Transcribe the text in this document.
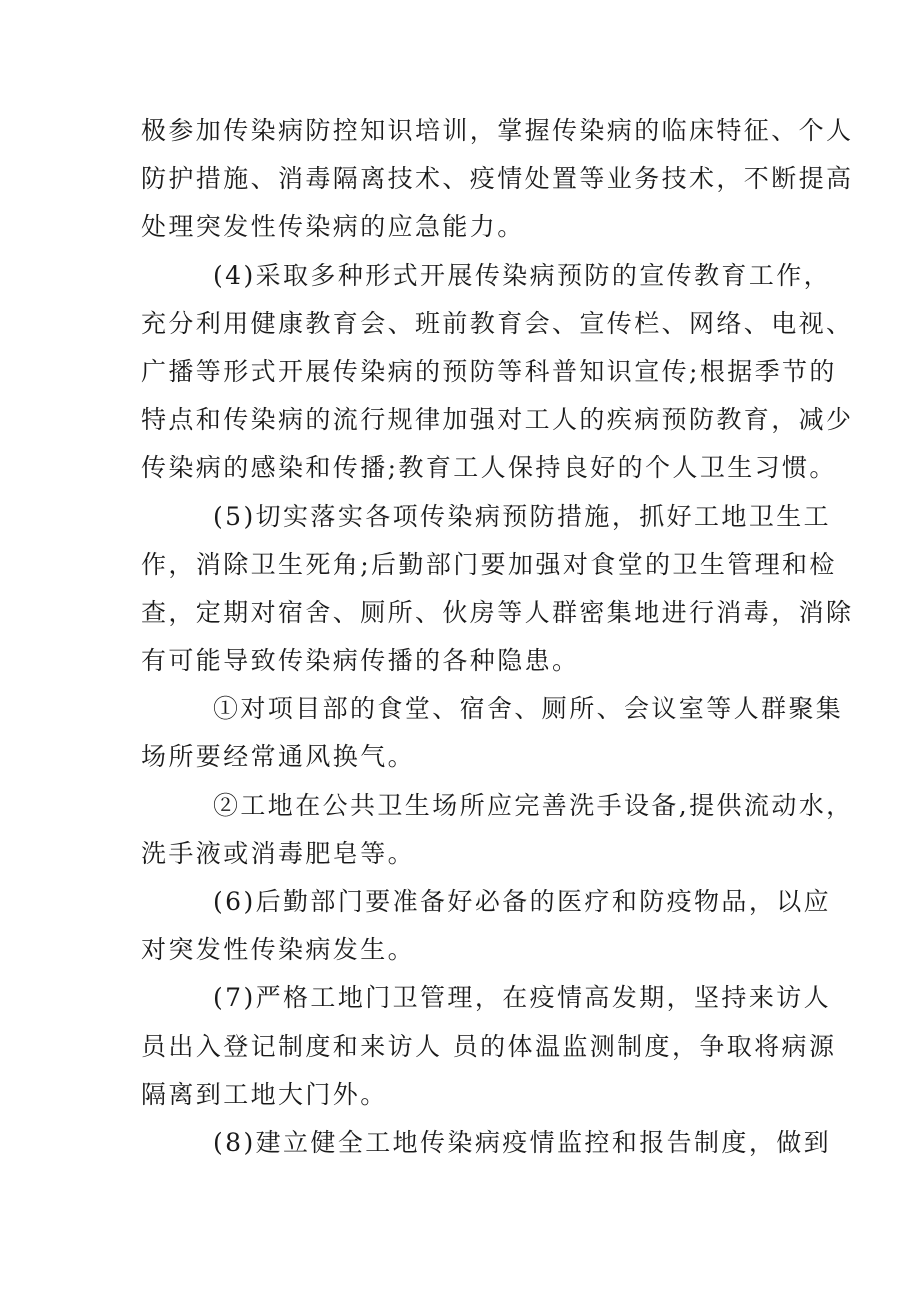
极参加传染病防控知识培训，掌握传染病的临床特征、个人
防护措施、消毒隔离技术、疫情处置等业务技术，不断提高
处理突发性传染病的应急能力。
(4)采取多种形式开展传染病预防的宣传教育工作，
充分利用健康教育会、班前教育会、宣传栏、网络、电视、
广播等形式开展传染病的预防等科普知识宣传;根据季节的
特点和传染病的流行规律加强对工人的疾病预防教育，减少
传染病的感染和传播;教育工人保持良好的个人卫生习惯。
(5)切实落实各项传染病预防措施，抓好工地卫生工
作，消除卫生死角;后勤部门要加强对食堂的卫生管理和检
查，定期对宿舍、厕所、伙房等人群密集地进行消毒，消除
有可能导致传染病传播的各种隐患。
①对项目部的食堂、宿舍、厕所、会议室等人群聚集
场所要经常通风换气。
②工地在公共卫生场所应完善洗手设备,提供流动水，
洗手液或消毒肥皂等。
(6)后勤部门要准备好必备的医疗和防疫物品，以应
对突发性传染病发生。
(7)严格工地门卫管理，在疫情高发期，坚持来访人
员出入登记制度和来访人 员的体温监测制度，争取将病源
隔离到工地大门外。
(8)建立健全工地传染病疫情监控和报告制度，做到
